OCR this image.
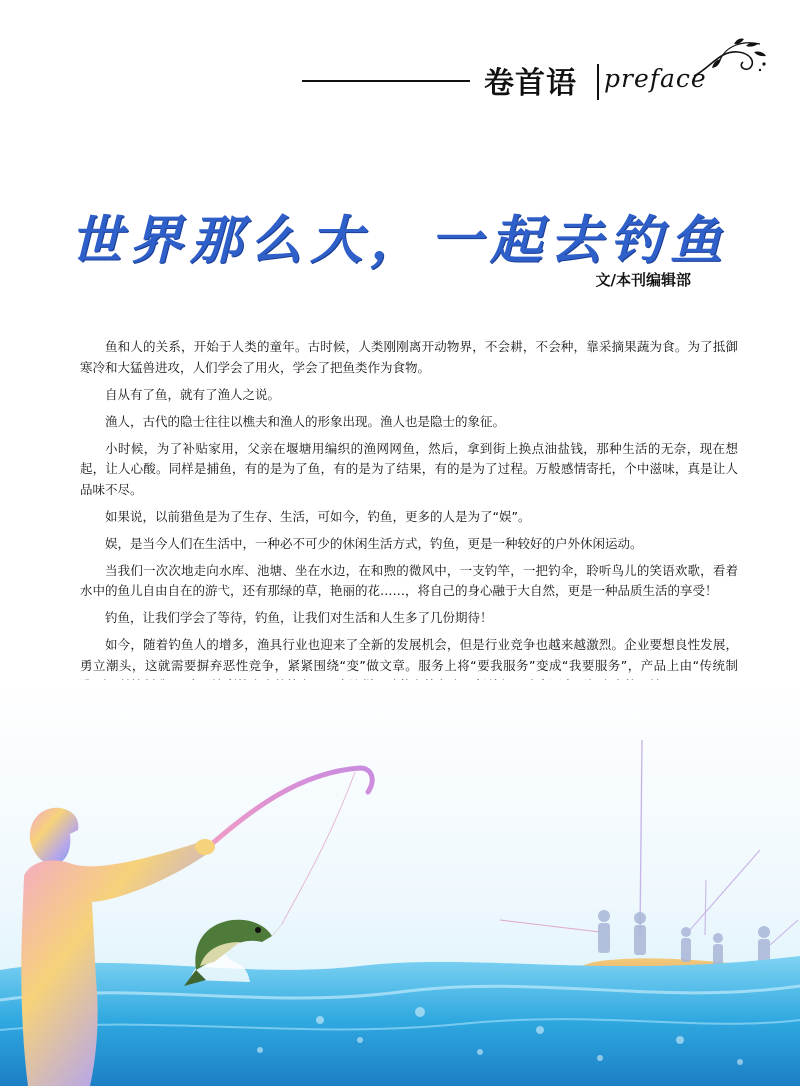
卷首语 preface
世界那么大，一起去钓鱼
文/本刊编辑部

鱼和人的关系，开始于人类的童年。古时候，人类刚刚离开动物界，不会耕，不会种，靠采摘果蔬为食。为了抵御寒冷和大猛兽进攻，人们学会了用火，学会了把鱼类作为食物。

自从有了鱼，就有了渔人之说。

渔人，古代的隐士往往以樵夫和渔人的形象出现。渔人也是隐士的象征。

小时候，为了补贴家用，父亲在堰塘用编织的渔网网鱼，然后，拿到街上换点油盐钱，那种生活的无奈，现在想起，让人心酸。同样是捕鱼，有的是为了鱼，有的是为了结果，有的是为了过程。万般感情寄托，个中滋味，真是让人品味不尽。

如果说，以前猎鱼是为了生存、生活，可如今，钓鱼，更多的人是为了“娱”。

娱，是当今人们在生活中，一种必不可少的休闲生活方式，钓鱼，更是一种较好的户外休闲运动。

当我们一次次地走向水库、池塘、坐在水边，在和煦的微风中，一支钓竿，一把钓伞，聆听鸟儿的笑语欢歌，看着水中的鱼儿自由自在的游弋，还有那绿的草，艳丽的花……，将自己的身心融于大自然，更是一种品质生活的享受！

钓鱼，让我们学会了等待，钓鱼，让我们对生活和人生多了几份期待！

如今，随着钓鱼人的增多，渔具行业也迎来了全新的发展机会，但是行业竞争也越来越激烈。企业要想良性发展，勇立潮头，这就需要摒弃恶性竞争，紧紧围绕“变”做文章。服务上将“要我服务”变成“我要服务”，产品上由“传统制
